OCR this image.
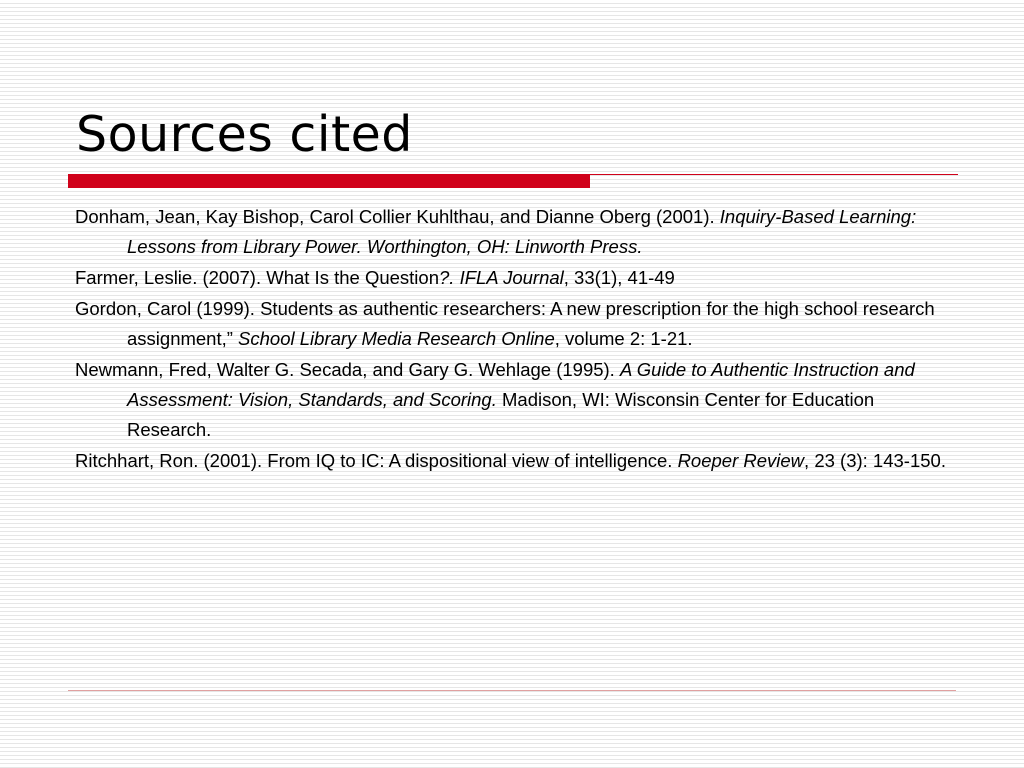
Sources cited
Donham, Jean, Kay Bishop, Carol Collier Kuhlthau, and Dianne Oberg (2001). Inquiry-Based Learning: Lessons from Library Power. Worthington, OH: Linworth Press.
Farmer, Leslie. (2007). What Is the Question?. IFLA Journal, 33(1), 41-49
Gordon, Carol (1999). Students as authentic researchers: A new prescription for the high school research assignment,” School Library Media Research Online, volume 2: 1-21.
Newmann, Fred, Walter G. Secada, and Gary G. Wehlage (1995). A Guide to Authentic Instruction and Assessment: Vision, Standards, and Scoring. Madison, WI: Wisconsin Center for Education Research.
Ritchhart, Ron. (2001). From IQ to IC: A dispositional view of intelligence. Roeper Review, 23 (3): 143-150.
